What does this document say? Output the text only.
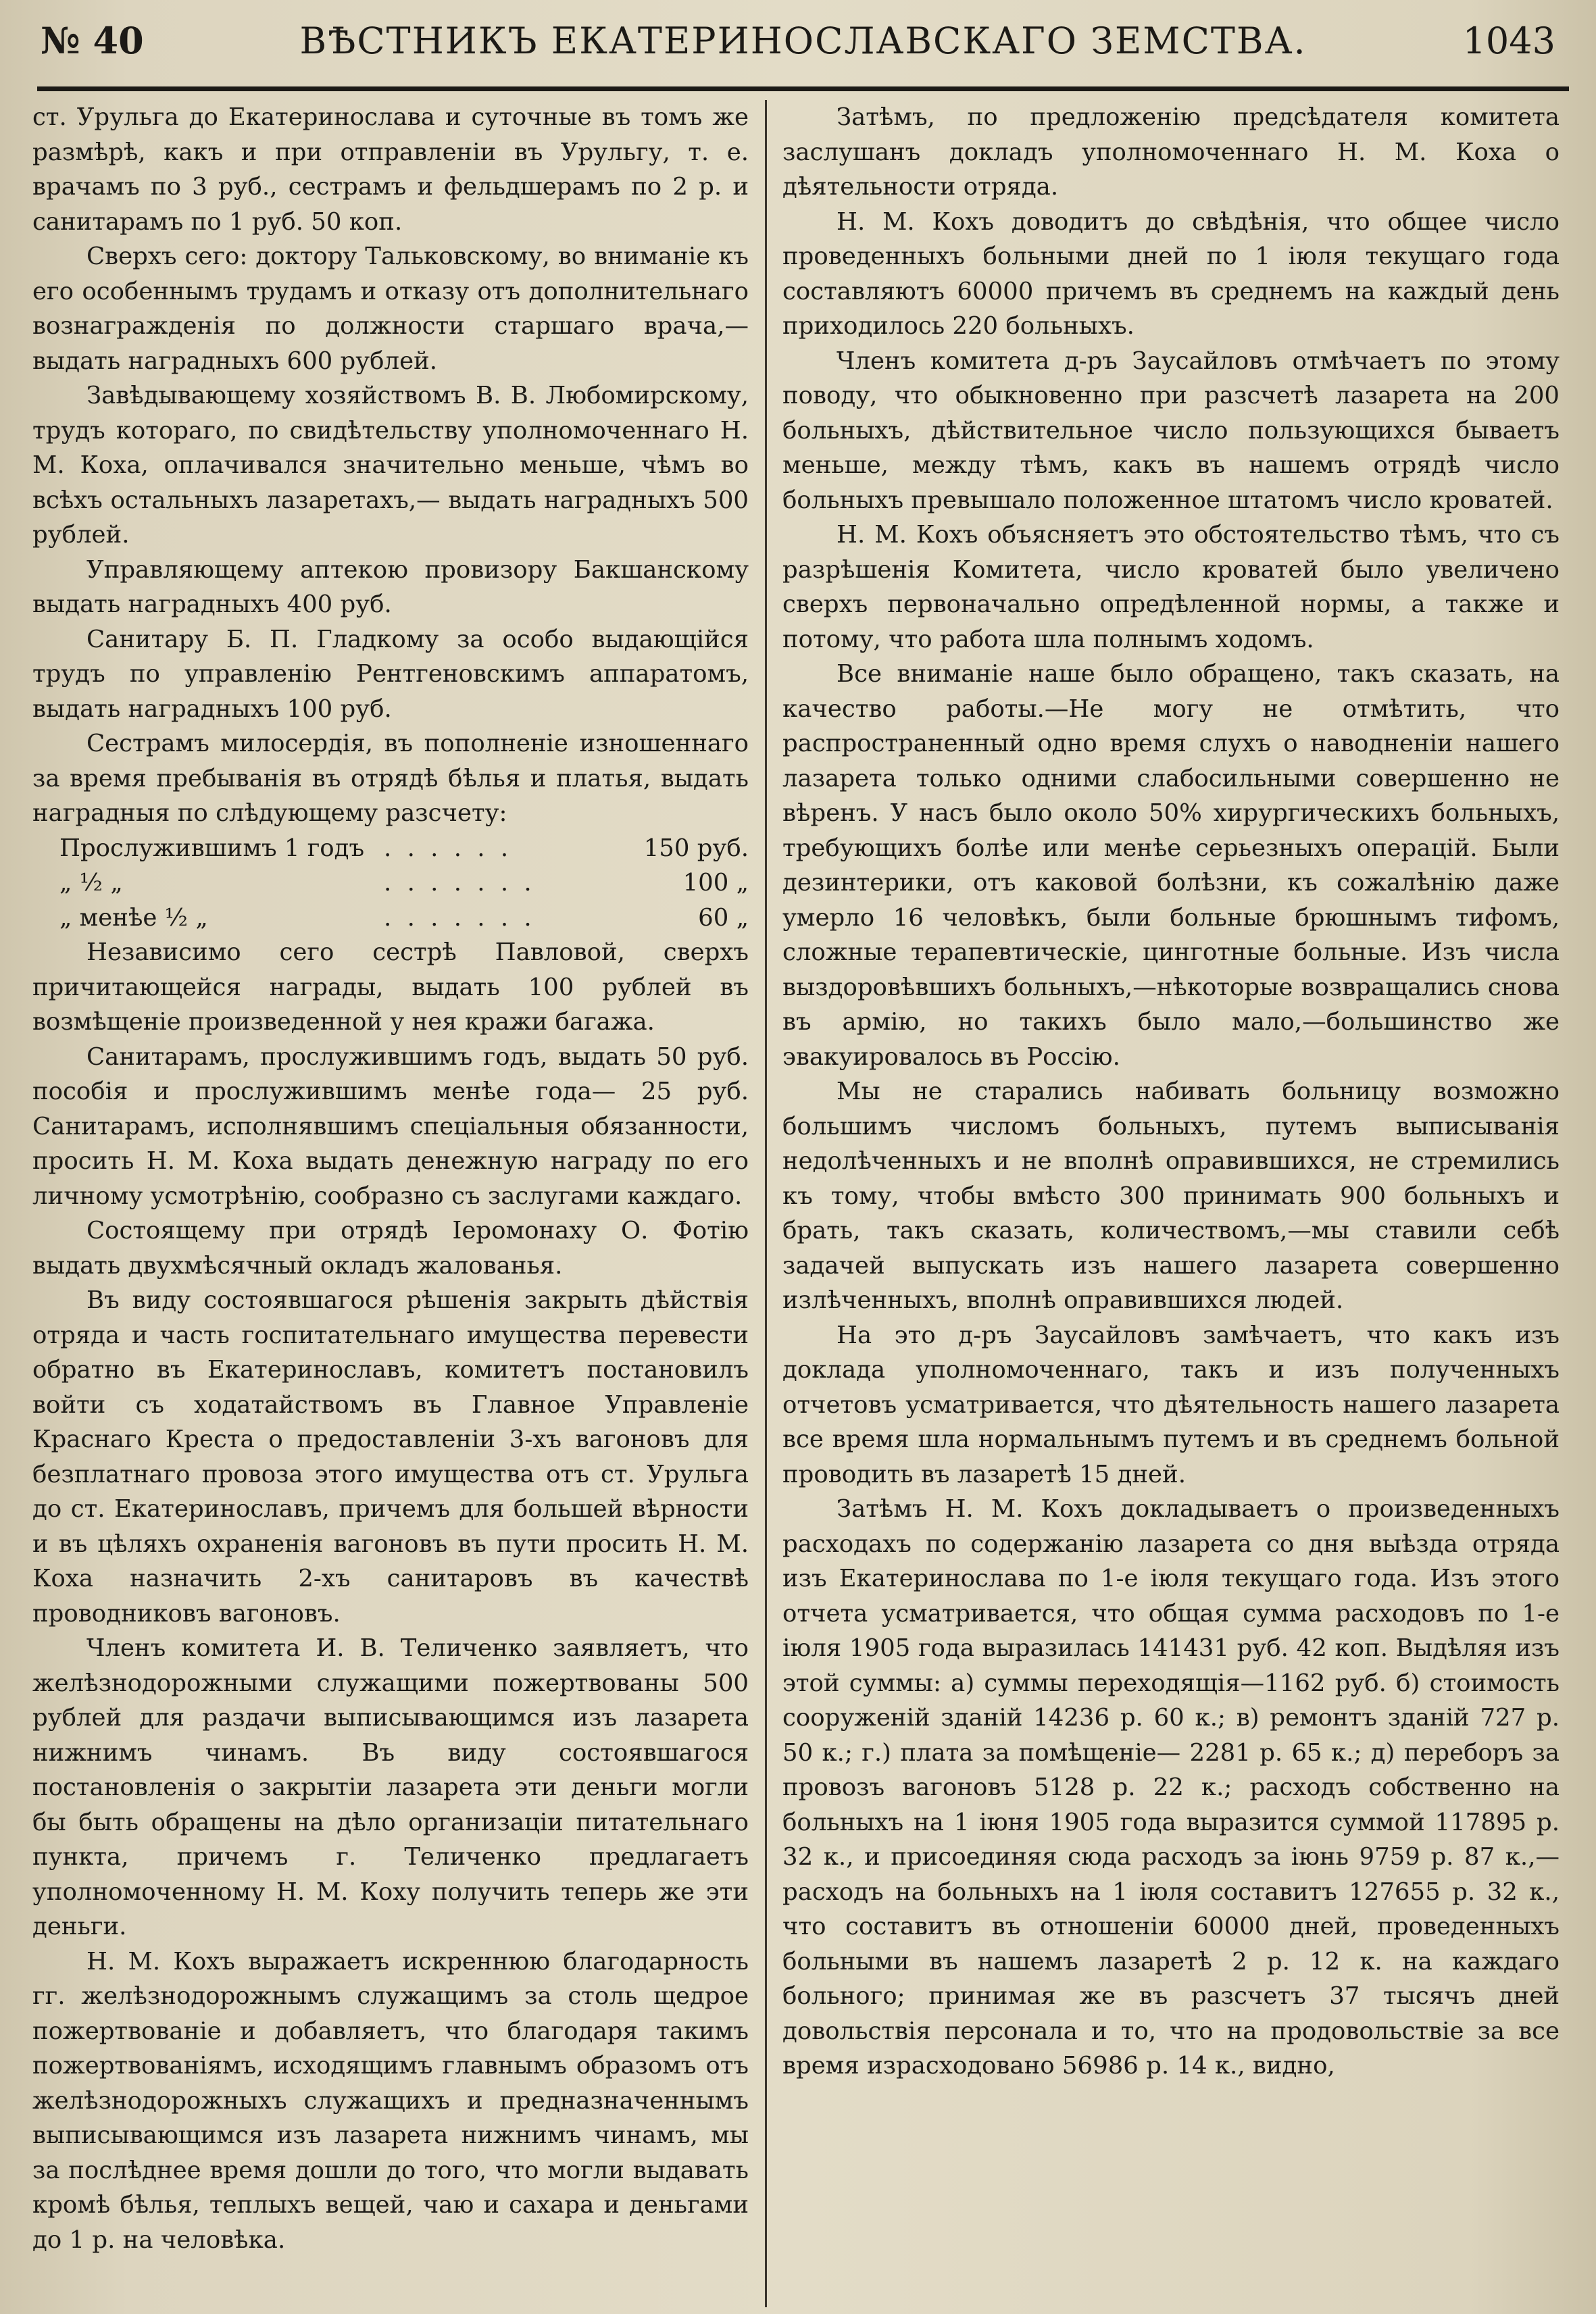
№ 40	ВѢСТНИКЪ ЕКАТЕРИНОСЛАВСКАГО ЗЕМСТВА.	1043

ст. Урульга до Екатеринослава и суточные въ томъ же размѣрѣ, какъ и при отправленiи въ Урульгу, т. е. врачамъ по 3 руб., сестрамъ и фельдшерамъ по 2 р. и санитарамъ по 1 руб. 50 коп.

Сверхъ сего: доктору Тальковскому, во вниманiе къ его особеннымъ трудамъ и отказу отъ дополнительнаго вознагражденiя по должности старшаго врача,— выдать наградныхъ 600 рублей.

Завѣдывающему хозяйствомъ В. В. Любомирскому, трудъ котораго, по свидѣтельству уполномоченнаго Н. М. Коха, оплачивался значительно меньше, чѣмъ во всѣхъ остальныхъ лазаретахъ,— выдать наградныхъ 500 рублей.

Управляющему аптекою провизору Бакшанскому выдать наградныхъ 400 руб.

Санитару Б. П. Гладкому за особо выдающiйся трудъ по управленiю Рентгеновскимъ аппаратомъ, выдать наградныхъ 100 руб.

Сестрамъ милосердiя, въ пополненiе изношеннаго за время пребыванiя въ отрядѣ бѣлья и платья, выдать наградныя по слѣдующему разсчету:

Прослужившимъ 1 годъ . . . . . .	150 руб.
„ ½ „	. . . . . . .	100 „
„ менѣе ½ „	. . . . . . .	60 „

Независимо сего сестрѣ Павловой, сверхъ причитающейся награды, выдать 100 рублей въ возмѣщенiе произведенной у нея кражи багажа.

Санитарамъ, прослужившимъ годъ, выдать 50 руб. пособiя и прослужившимъ менѣе года— 25 руб. Санитарамъ, исполнявшимъ спецiальныя обязанности, просить Н. М. Коха выдать денежную награду по его личному усмотрѣнiю, сообразно съ заслугами каждаго.

Состоящему при отрядѣ Iеромонаху О. Фотiю выдать двухмѣсячный окладъ жалованья.

Въ виду состоявшагося рѣшенiя закрыть дѣйствiя отряда и часть госпитательнаго имущества перевести обратно въ Екатеринославъ, комитетъ постановилъ войти съ ходатайствомъ въ Главное Управленiе Краснаго Креста о предоставленiи 3-хъ вагоновъ для безплатнаго провоза этого имущества отъ ст. Урульга до ст. Екатеринославъ, причемъ для большей вѣрности и въ цѣляхъ охраненiя вагоновъ въ пути просить Н. М. Коха назначить 2-хъ санитаровъ въ качествѣ проводниковъ вагоновъ.

Членъ комитета И. В. Теличенко заявляетъ, что желѣзнодорожными служащими пожертвованы 500 рублей для раздачи выписывающимся изъ лазарета нижнимъ чинамъ. Въ виду состоявшагося постановленiя о закрытiи лазарета эти деньги могли бы быть обращены на дѣло организацiи питательнаго пункта, причемъ г. Теличенко предлагаетъ уполномоченному Н. М. Коху получить теперь же эти деньги.

Н. М. Кохъ выражаетъ искреннюю благодарность гг. желѣзнодорожнымъ служащимъ за столь щедрое пожертвованiе и добавляетъ, что благодаря такимъ пожертвованiямъ, исходящимъ главнымъ образомъ отъ желѣзнодорожныхъ служащихъ и предназначеннымъ выписывающимся изъ лазарета нижнимъ чинамъ, мы за послѣднее время дошли до того, что могли выдавать кромѣ бѣлья, теплыхъ вещей, чаю и сахара и деньгами до 1 р. на человѣка.

Затѣмъ, по предложенiю предсѣдателя комитета заслушанъ докладъ уполномоченнаго Н. М. Коха о дѣятельности отряда.

Н. М. Кохъ доводитъ до свѣдѣнiя, что общее число проведенныхъ больными дней по 1 iюля текущаго года составляютъ 60000 причемъ въ среднемъ на каждый день приходилось 220 больныхъ.

Членъ комитета д-ръ Заусайловъ отмѣчаетъ по этому поводу, что обыкновенно при разсчетѣ лазарета на 200 больныхъ, дѣйствительное число пользующихся бываетъ меньше, между тѣмъ, какъ въ нашемъ отрядѣ число больныхъ превышало положенное штатомъ число кроватей.

Н. М. Кохъ объясняетъ это обстоятельство тѣмъ, что съ разрѣшенiя Комитета, число кроватей было увеличено сверхъ первоначально опредѣленной нормы, а также и потому, что работа шла полнымъ ходомъ.

Все вниманiе наше было обращено, такъ сказать, на качество работы.—Не могу не отмѣтить, что распространенный одно время слухъ о наводненiи нашего лазарета только одними слабосильными совершенно не вѣренъ. У насъ было около 50% хирургическихъ больныхъ, требующихъ болѣе или менѣе серьезныхъ операцiй. Были дезинтерики, отъ каковой болѣзни, къ сожалѣнiю даже умерло 16 человѣкъ, были больные брюшнымъ тифомъ, сложные терапевтическiе, цинготные больные. Изъ числа выздоровѣвшихъ больныхъ,—нѣкоторые возвращались снова въ армiю, но такихъ было мало,—большинство же эвакуировалось въ Россiю.

Мы не старались набивать больницу возможно большимъ числомъ больныхъ, путемъ выписыванiя недолѣченныхъ и не вполнѣ оправившихся, не стремились къ тому, чтобы вмѣсто 300 принимать 900 больныхъ и брать, такъ сказать, количествомъ,—мы ставили себѣ задачей выпускать изъ нашего лазарета совершенно излѣченныхъ, вполнѣ оправившихся людей.

На это д-ръ Заусайловъ замѣчаетъ, что какъ изъ доклада уполномоченнаго, такъ и изъ полученныхъ отчетовъ усматривается, что дѣятельность нашего лазарета все время шла нормальнымъ путемъ и въ среднемъ больной проводить въ лазаретѣ 15 дней.

Затѣмъ Н. М. Кохъ докладываетъ о произведенныхъ расходахъ по содержанiю лазарета со дня выѣзда отряда изъ Екатеринослава по 1-е iюля текущаго года. Изъ этого отчета усматривается, что общая сумма расходовъ по 1-е iюля 1905 года выразилась 141431 руб. 42 коп. Выдѣляя изъ этой суммы: а) суммы переходящiя—1162 руб. б) стоимость сооруженiй зданiй 14236 р. 60 к.; в) ремонтъ зданiй 727 р. 50 к.; г.) плата за помѣщенiе— 2281 р. 65 к.; д) переборъ за провозъ вагоновъ 5128 р. 22 к.; расходъ собственно на больныхъ на 1 iюня 1905 года выразится суммой 117895 р. 32 к., и присоединяя сюда расходъ за iюнь 9759 р. 87 к.,—расходъ на больныхъ на 1 iюля составитъ 127655 р. 32 к., что составитъ въ отношенiи 60000 дней, проведенныхъ больными въ нашемъ лазаретѣ 2 р. 12 к. на каждаго больного; принимая же въ разсчетъ 37 тысячъ дней довольствiя персонала и то, что на продовольствiе за все время израсходовано 56986 р. 14 к., видно,
